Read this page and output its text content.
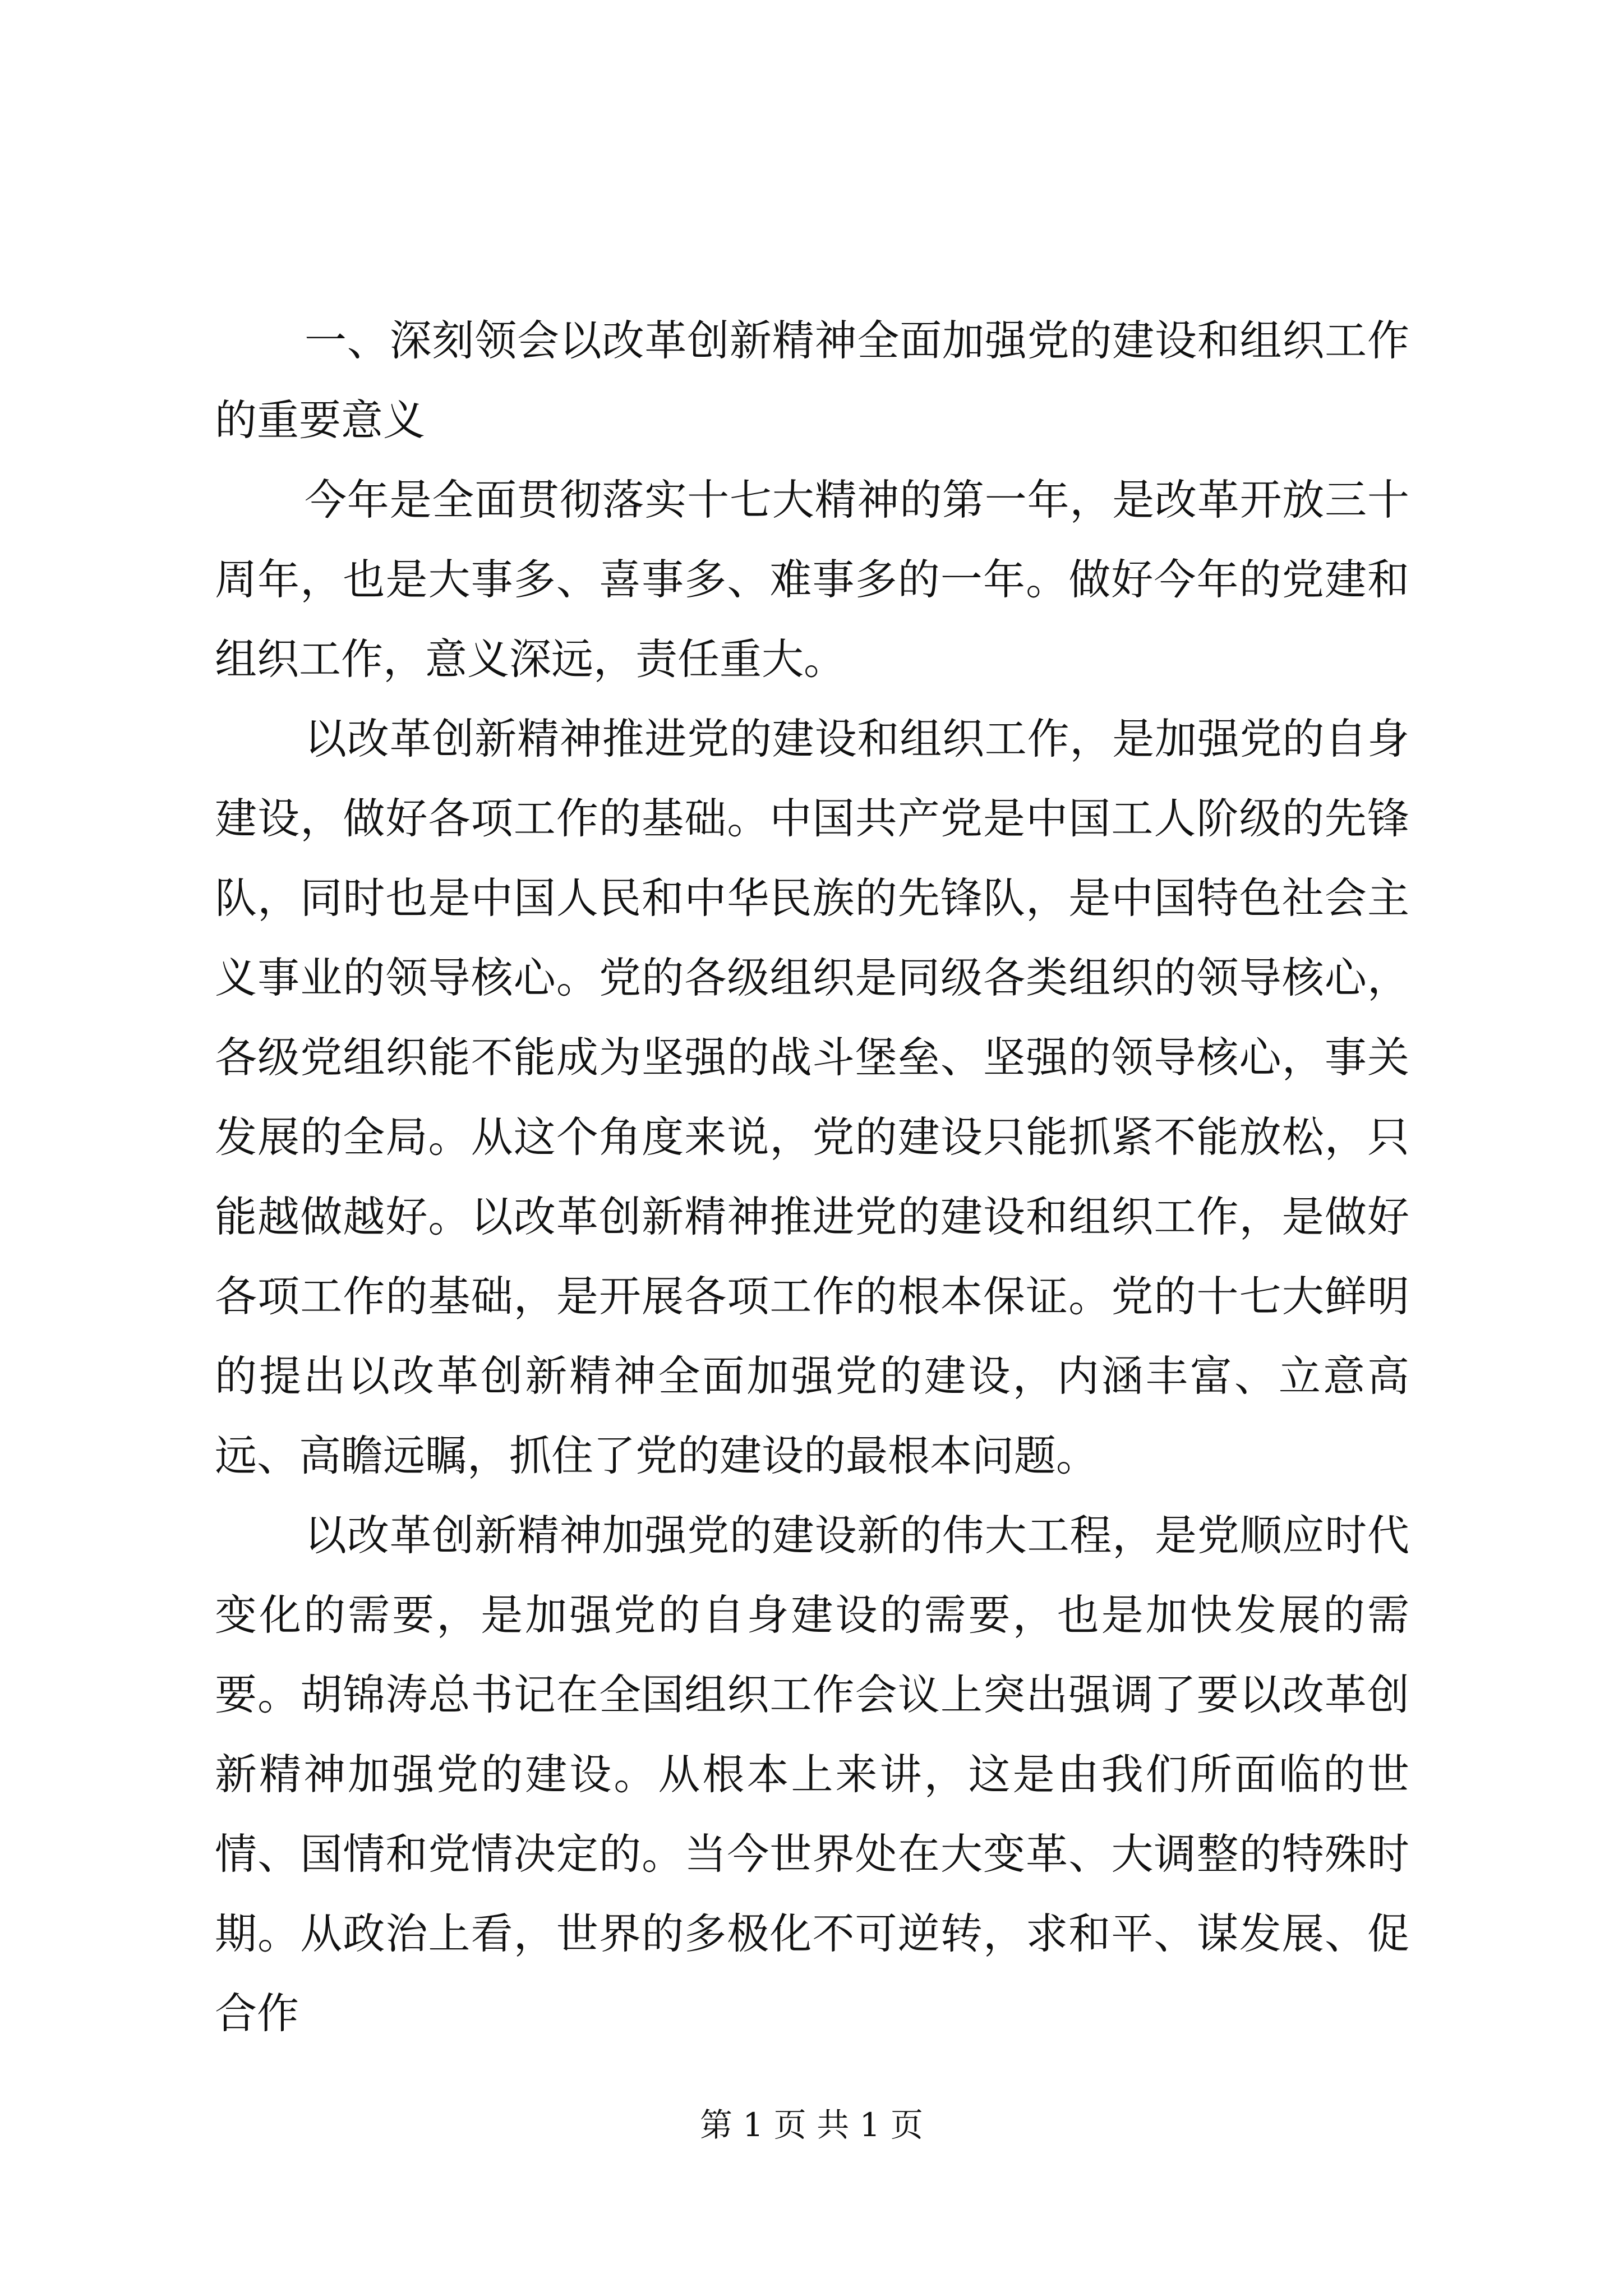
一、深刻领会以改革创新精神全面加强党的建设和组织工作的重要意义

今年是全面贯彻落实十七大精神的第一年，是改革开放三十周年，也是大事多、喜事多、难事多的一年。做好今年的党建和组织工作，意义深远，责任重大。

以改革创新精神推进党的建设和组织工作，是加强党的自身建设，做好各项工作的基础。中国共产党是中国工人阶级的先锋队，同时也是中国人民和中华民族的先锋队，是中国特色社会主义事业的领导核心。党的各级组织是同级各类组织的领导核心，各级党组织能不能成为坚强的战斗堡垒、坚强的领导核心，事关发展的全局。从这个角度来说，党的建设只能抓紧不能放松，只能越做越好。以改革创新精神推进党的建设和组织工作，是做好各项工作的基础，是开展各项工作的根本保证。党的十七大鲜明的提出以改革创新精神全面加强党的建设，内涵丰富、立意高远、高瞻远瞩，抓住了党的建设的最根本问题。

以改革创新精神加强党的建设新的伟大工程，是党顺应时代变化的需要，是加强党的自身建设的需要，也是加快发展的需要。胡锦涛总书记在全国组织工作会议上突出强调了要以改革创新精神加强党的建设。从根本上来讲，这是由我们所面临的世情、国情和党情决定的。当今世界处在大变革、大调整的特殊时期。从政治上看，世界的多极化不可逆转，求和平、谋发展、促合作

第 1 页 共 1 页
